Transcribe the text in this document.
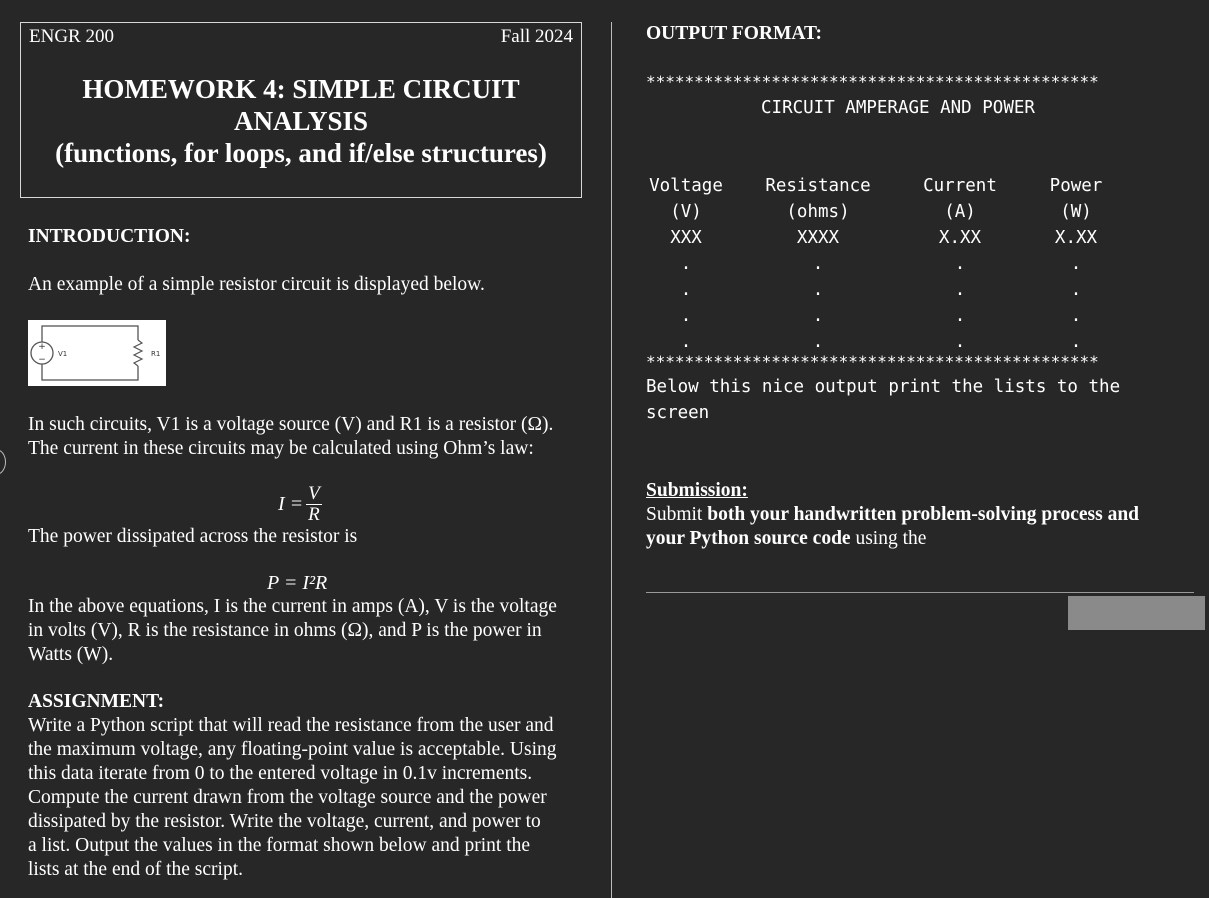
ENGR 200	Fall 2024
HOMEWORK 4: SIMPLE CIRCUIT
ANALYSIS
(functions, for loops, and if/else structures)
INTRODUCTION:
An example of a simple resistor circuit is displayed below.
+
−
V1	R1
In such circuits, V1 is a voltage source (V) and R1 is a resistor (Ω).
The current in these circuits may be calculated using Ohm’s law:
$I = \frac{V}{R}$
The power dissipated across the resistor is
P = I²R
In the above equations, I is the current in amps (A), V is the voltage
in volts (V), R is the resistance in ohms (Ω), and P is the power in
Watts (W).
ASSIGNMENT:
Write a Python script that will read the resistance from the user and
the maximum voltage, any floating-point value is acceptable. Using
this data iterate from 0 to the entered voltage in 0.1v increments.
Compute the current drawn from the voltage source and the power
dissipated by the resistor. Write the voltage, current, and power to
a list. Output the values in the format shown below and print the
lists at the end of the script.
OUTPUT FORMAT:
***********************************************
CIRCUIT AMPERAGE AND POWER
Voltage
(V)
XXX
.
.
.
.
Resistance
(ohms)
XXXX
.
.
.
.
Current
(A)
X.XX
.
.
.
.
Power
(W)
X.XX
.
.
.
.
***********************************************
Below this nice output print the lists to the
screen
Submission:
Submit both your handwritten problem-solving process and
your Python source code using the
